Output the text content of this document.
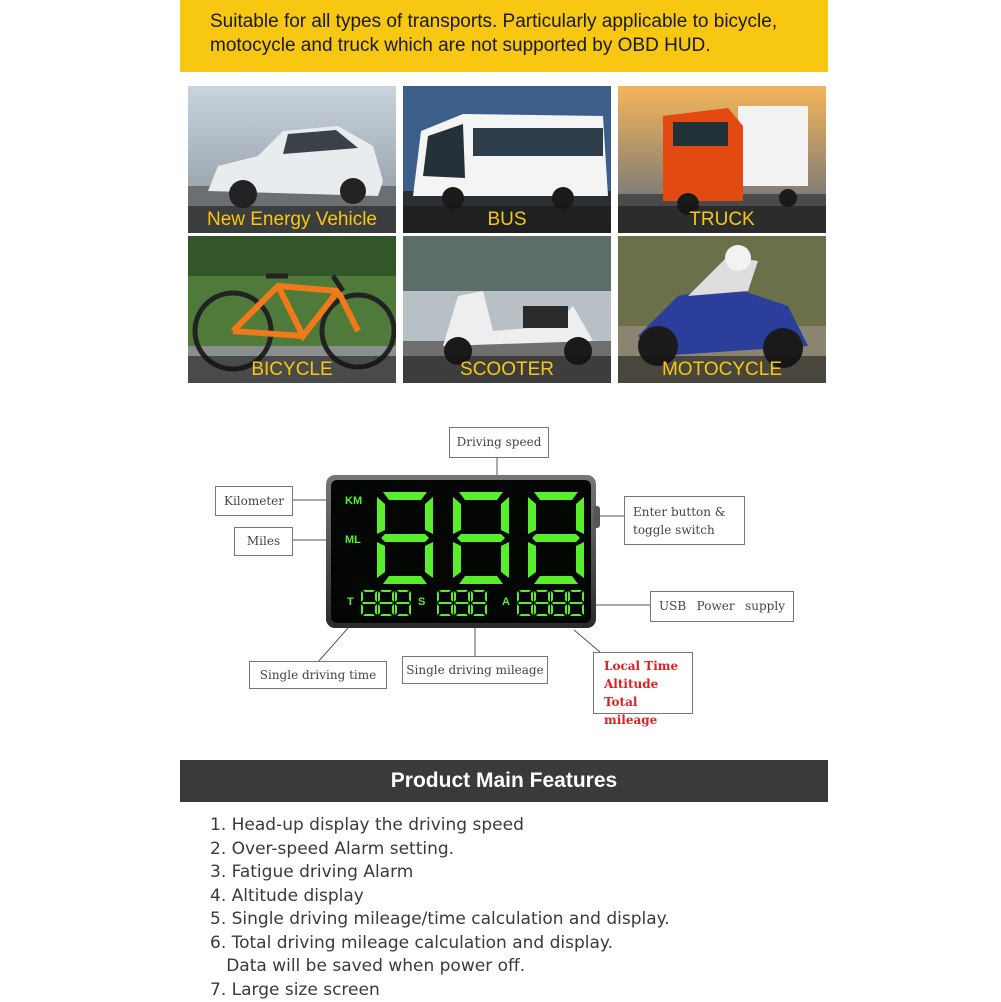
Suitable for all types of transports. Particularly applicable to bicycle,
motocycle and truck which are not supported by OBD HUD.
New Energy Vehicle	BUS	TRUCK
BICYCLE	SCOOTER	MOTOCYCLE
KM
ML
T	S	A
Driving speed
Kilometer
Miles
Enter button &
toggle switch
USB Power supply
Single driving time	Single driving mileage	Local Time
Altitude
Total mileage
Product Main Features
1. Head-up display the driving speed
2. Over-speed Alarm setting.
3. Fatigue driving Alarm
4. Altitude display
5. Single driving mileage/time calculation and display.
6. Total driving mileage calculation and display.
Data will be saved when power off.
7. Large size screen
